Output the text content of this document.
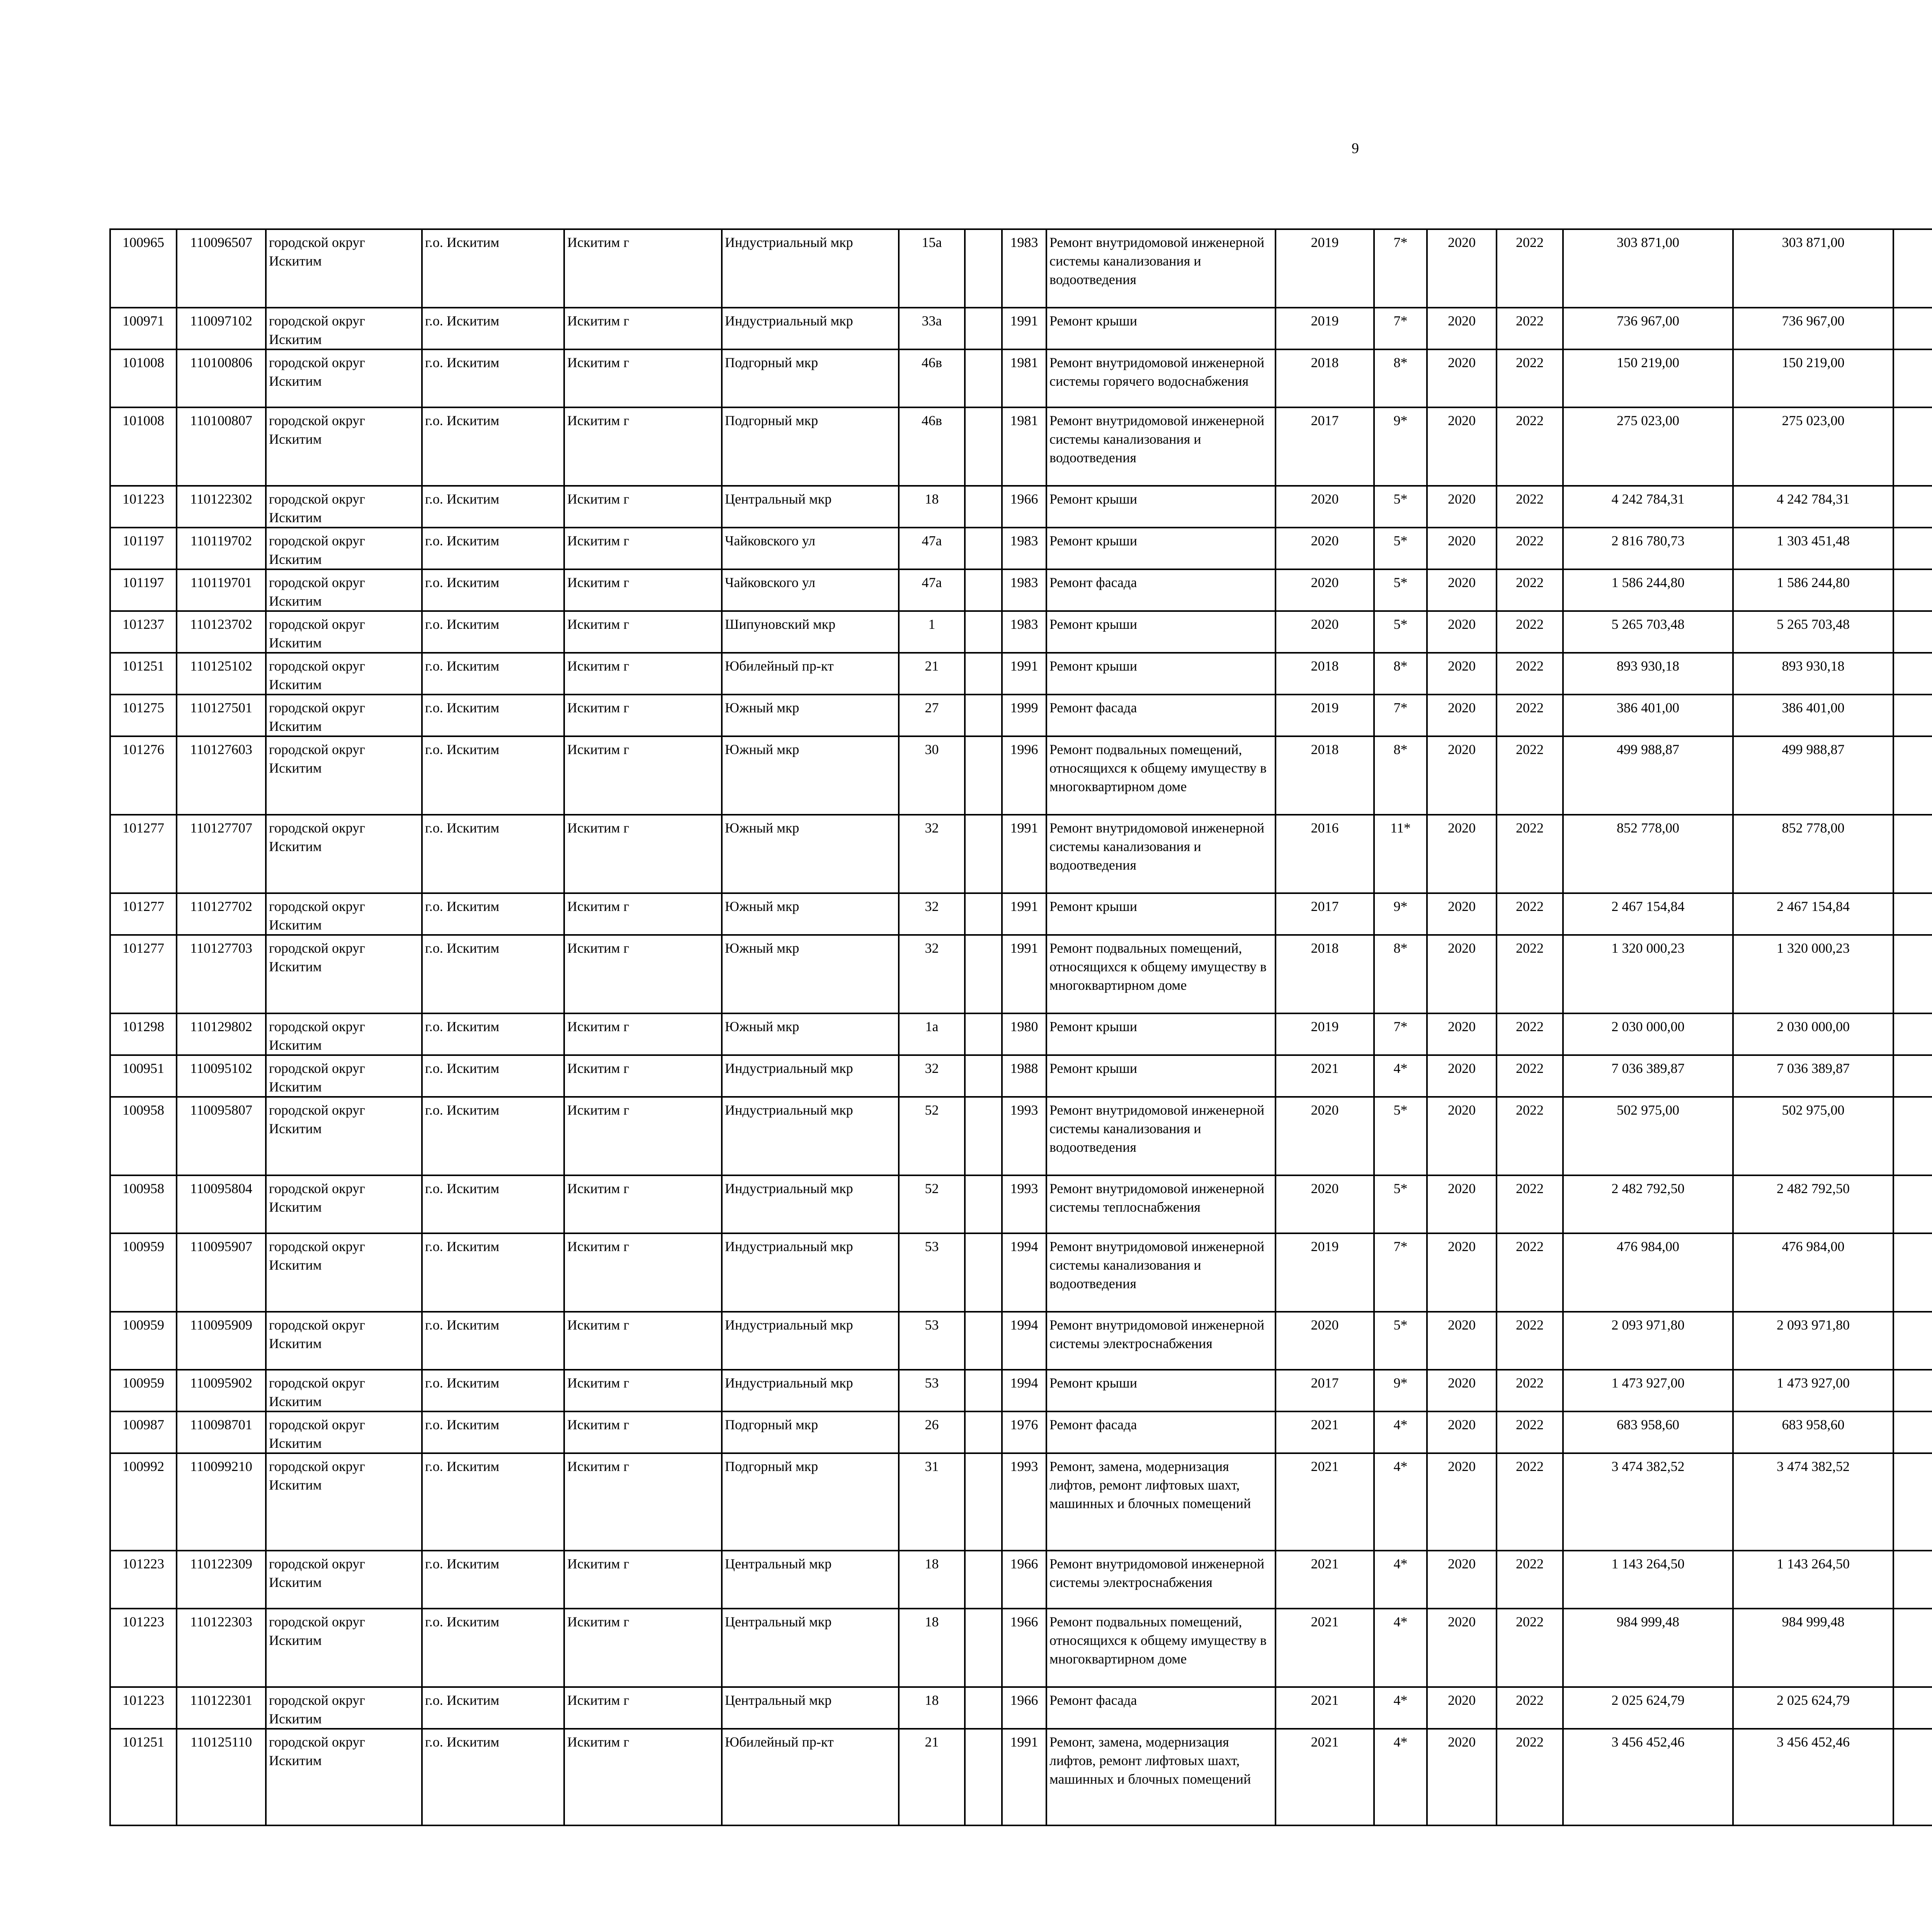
9
100965	110096507	городской округ Искитим	г.о. Искитим	Искитим г	Индустриальный мкр	15а		1983	Ремонт внутридомовой инженерной системы канализования и водоотведения	2019	7*	2020	2022	303 871,00	303 871,00						
100971	110097102	городской округ Искитим	г.о. Искитим	Искитим г	Индустриальный мкр	33а		1991	Ремонт крыши	2019	7*	2020	2022	736 967,00	736 967,00						
101008	110100806	городской округ Искитим	г.о. Искитим	Искитим г	Подгорный мкр	46в		1981	Ремонт внутридомовой инженерной системы горячего водоснабжения	2018	8*	2020	2022	150 219,00	150 219,00						
101008	110100807	городской округ Искитим	г.о. Искитим	Искитим г	Подгорный мкр	46в		1981	Ремонт внутридомовой инженерной системы канализования и водоотведения	2017	9*	2020	2022	275 023,00	275 023,00						
101223	110122302	городской округ Искитим	г.о. Искитим	Искитим г	Центральный мкр	18		1966	Ремонт крыши	2020	5*	2020	2022	4 242 784,31	4 242 784,31						
101197	110119702	городской округ Искитим	г.о. Искитим	Искитим г	Чайковского ул	47а		1983	Ремонт крыши	2020	5*	2020	2022	2 816 780,73	1 303 451,48						
101197	110119701	городской округ Искитим	г.о. Искитим	Искитим г	Чайковского ул	47а		1983	Ремонт фасада	2020	5*	2020	2022	1 586 244,80	1 586 244,80						
101237	110123702	городской округ Искитим	г.о. Искитим	Искитим г	Шипуновский мкр	1		1983	Ремонт крыши	2020	5*	2020	2022	5 265 703,48	5 265 703,48						
101251	110125102	городской округ Искитим	г.о. Искитим	Искитим г	Юбилейный пр-кт	21		1991	Ремонт крыши	2018	8*	2020	2022	893 930,18	893 930,18						
101275	110127501	городской округ Искитим	г.о. Искитим	Искитим г	Южный мкр	27		1999	Ремонт фасада	2019	7*	2020	2022	386 401,00	386 401,00						
101276	110127603	городской округ Искитим	г.о. Искитим	Искитим г	Южный мкр	30		1996	Ремонт подвальных помещений, относящихся к общему имуществу в многоквартирном доме	2018	8*	2020	2022	499 988,87	499 988,87						
101277	110127707	городской округ Искитим	г.о. Искитим	Искитим г	Южный мкр	32		1991	Ремонт внутридомовой инженерной системы канализования и водоотведения	2016	11*	2020	2022	852 778,00	852 778,00						
101277	110127702	городской округ Искитим	г.о. Искитим	Искитим г	Южный мкр	32		1991	Ремонт крыши	2017	9*	2020	2022	2 467 154,84	2 467 154,84						
101277	110127703	городской округ Искитим	г.о. Искитим	Искитим г	Южный мкр	32		1991	Ремонт подвальных помещений, относящихся к общему имуществу в многоквартирном доме	2018	8*	2020	2022	1 320 000,23	1 320 000,23						
101298	110129802	городской округ Искитим	г.о. Искитим	Искитим г	Южный мкр	1а		1980	Ремонт крыши	2019	7*	2020	2022	2 030 000,00	2 030 000,00						
100951	110095102	городской округ Искитим	г.о. Искитим	Искитим г	Индустриальный мкр	32		1988	Ремонт крыши	2021	4*	2020	2022	7 036 389,87	7 036 389,87						
100958	110095807	городской округ Искитим	г.о. Искитим	Искитим г	Индустриальный мкр	52		1993	Ремонт внутридомовой инженерной системы канализования и водоотведения	2020	5*	2020	2022	502 975,00	502 975,00						
100958	110095804	городской округ Искитим	г.о. Искитим	Искитим г	Индустриальный мкр	52		1993	Ремонт внутридомовой инженерной системы теплоснабжения	2020	5*	2020	2022	2 482 792,50	2 482 792,50						
100959	110095907	городской округ Искитим	г.о. Искитим	Искитим г	Индустриальный мкр	53		1994	Ремонт внутридомовой инженерной системы канализования и водоотведения	2019	7*	2020	2022	476 984,00	476 984,00						
100959	110095909	городской округ Искитим	г.о. Искитим	Искитим г	Индустриальный мкр	53		1994	Ремонт внутридомовой инженерной системы электроснабжения	2020	5*	2020	2022	2 093 971,80	2 093 971,80						
100959	110095902	городской округ Искитим	г.о. Искитим	Искитим г	Индустриальный мкр	53		1994	Ремонт крыши	2017	9*	2020	2022	1 473 927,00	1 473 927,00						
100987	110098701	городской округ Искитим	г.о. Искитим	Искитим г	Подгорный мкр	26		1976	Ремонт фасада	2021	4*	2020	2022	683 958,60	683 958,60						
100992	110099210	городской округ Искитим	г.о. Искитим	Искитим г	Подгорный мкр	31		1993	Ремонт, замена, модернизация лифтов, ремонт лифтовых шахт, машинных и блочных помещений	2021	4*	2020	2022	3 474 382,52	3 474 382,52						
101223	110122309	городской округ Искитим	г.о. Искитим	Искитим г	Центральный мкр	18		1966	Ремонт внутридомовой инженерной системы электроснабжения	2021	4*	2020	2022	1 143 264,50	1 143 264,50						
101223	110122303	городской округ Искитим	г.о. Искитим	Искитим г	Центральный мкр	18		1966	Ремонт подвальных помещений, относящихся к общему имуществу в многоквартирном доме	2021	4*	2020	2022	984 999,48	984 999,48						
101223	110122301	городской округ Искитим	г.о. Искитим	Искитим г	Центральный мкр	18		1966	Ремонт фасада	2021	4*	2020	2022	2 025 624,79	2 025 624,79						
101251	110125110	городской округ Искитим	г.о. Искитим	Искитим г	Юбилейный пр-кт	21		1991	Ремонт, замена, модернизация лифтов, ремонт лифтовых шахт, машинных и блочных помещений	2021	4*	2020	2022	3 456 452,46	3 456 452,46						
